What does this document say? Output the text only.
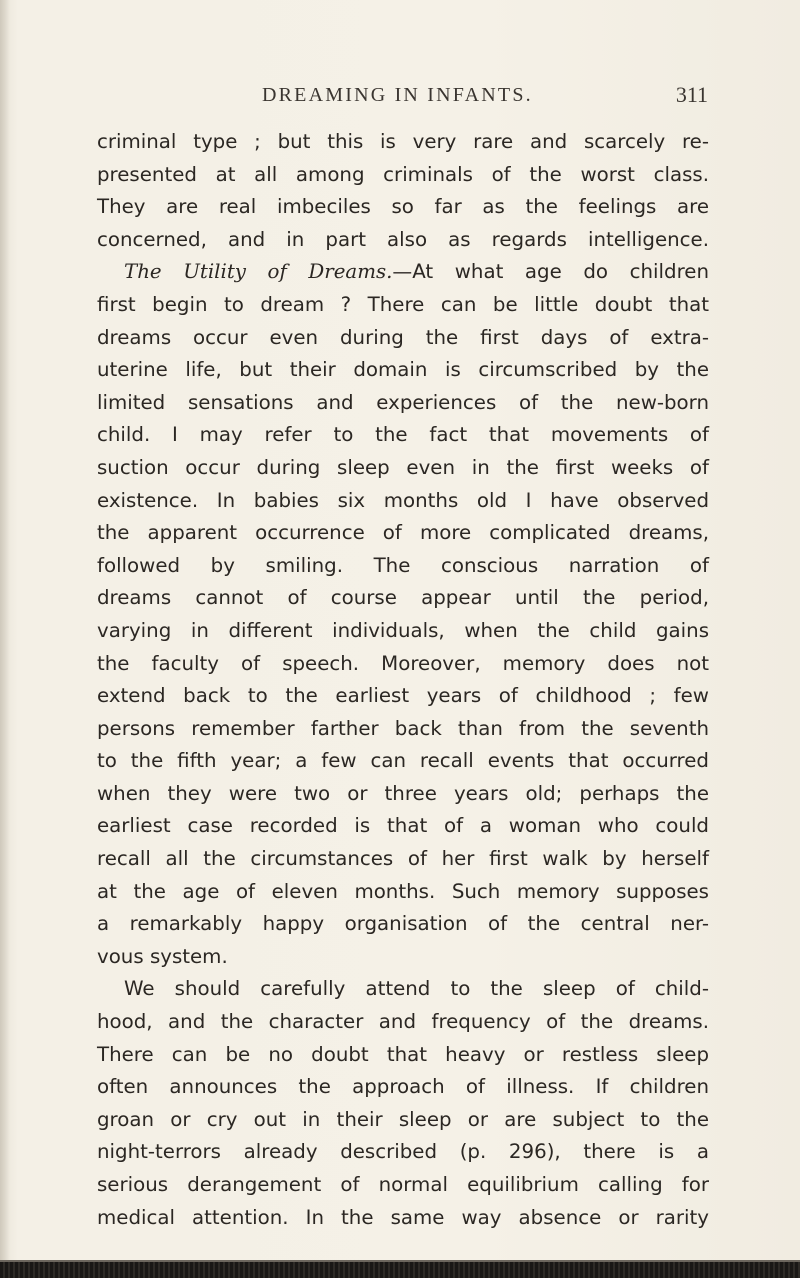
DREAMING IN INFANTS.	311
criminal type ; but this is very rare and scarcely re-
presented at all among criminals of the worst class.
They are real imbeciles so far as the feelings are
concerned, and in part also as regards intelligence.
The Utility of Dreams.—At what age do children
first begin to dream ? There can be little doubt that
dreams occur even during the first days of extra-
uterine life, but their domain is circumscribed by the
limited sensations and experiences of the new-born
child. I may refer to the fact that movements of
suction occur during sleep even in the first weeks of
existence. In babies six months old I have observed
the apparent occurrence of more complicated dreams,
followed by smiling. The conscious narration of
dreams cannot of course appear until the period,
varying in different individuals, when the child gains
the faculty of speech. Moreover, memory does not
extend back to the earliest years of childhood ; few
persons remember farther back than from the seventh
to the fifth year; a few can recall events that occurred
when they were two or three years old; perhaps the
earliest case recorded is that of a woman who could
recall all the circumstances of her first walk by herself
at the age of eleven months. Such memory supposes
a remarkably happy organisation of the central ner-
vous system.
We should carefully attend to the sleep of child-
hood, and the character and frequency of the dreams.
There can be no doubt that heavy or restless sleep
often announces the approach of illness. If children
groan or cry out in their sleep or are subject to the
night-terrors already described (p. 296), there is a
serious derangement of normal equilibrium calling for
medical attention. In the same way absence or rarity
